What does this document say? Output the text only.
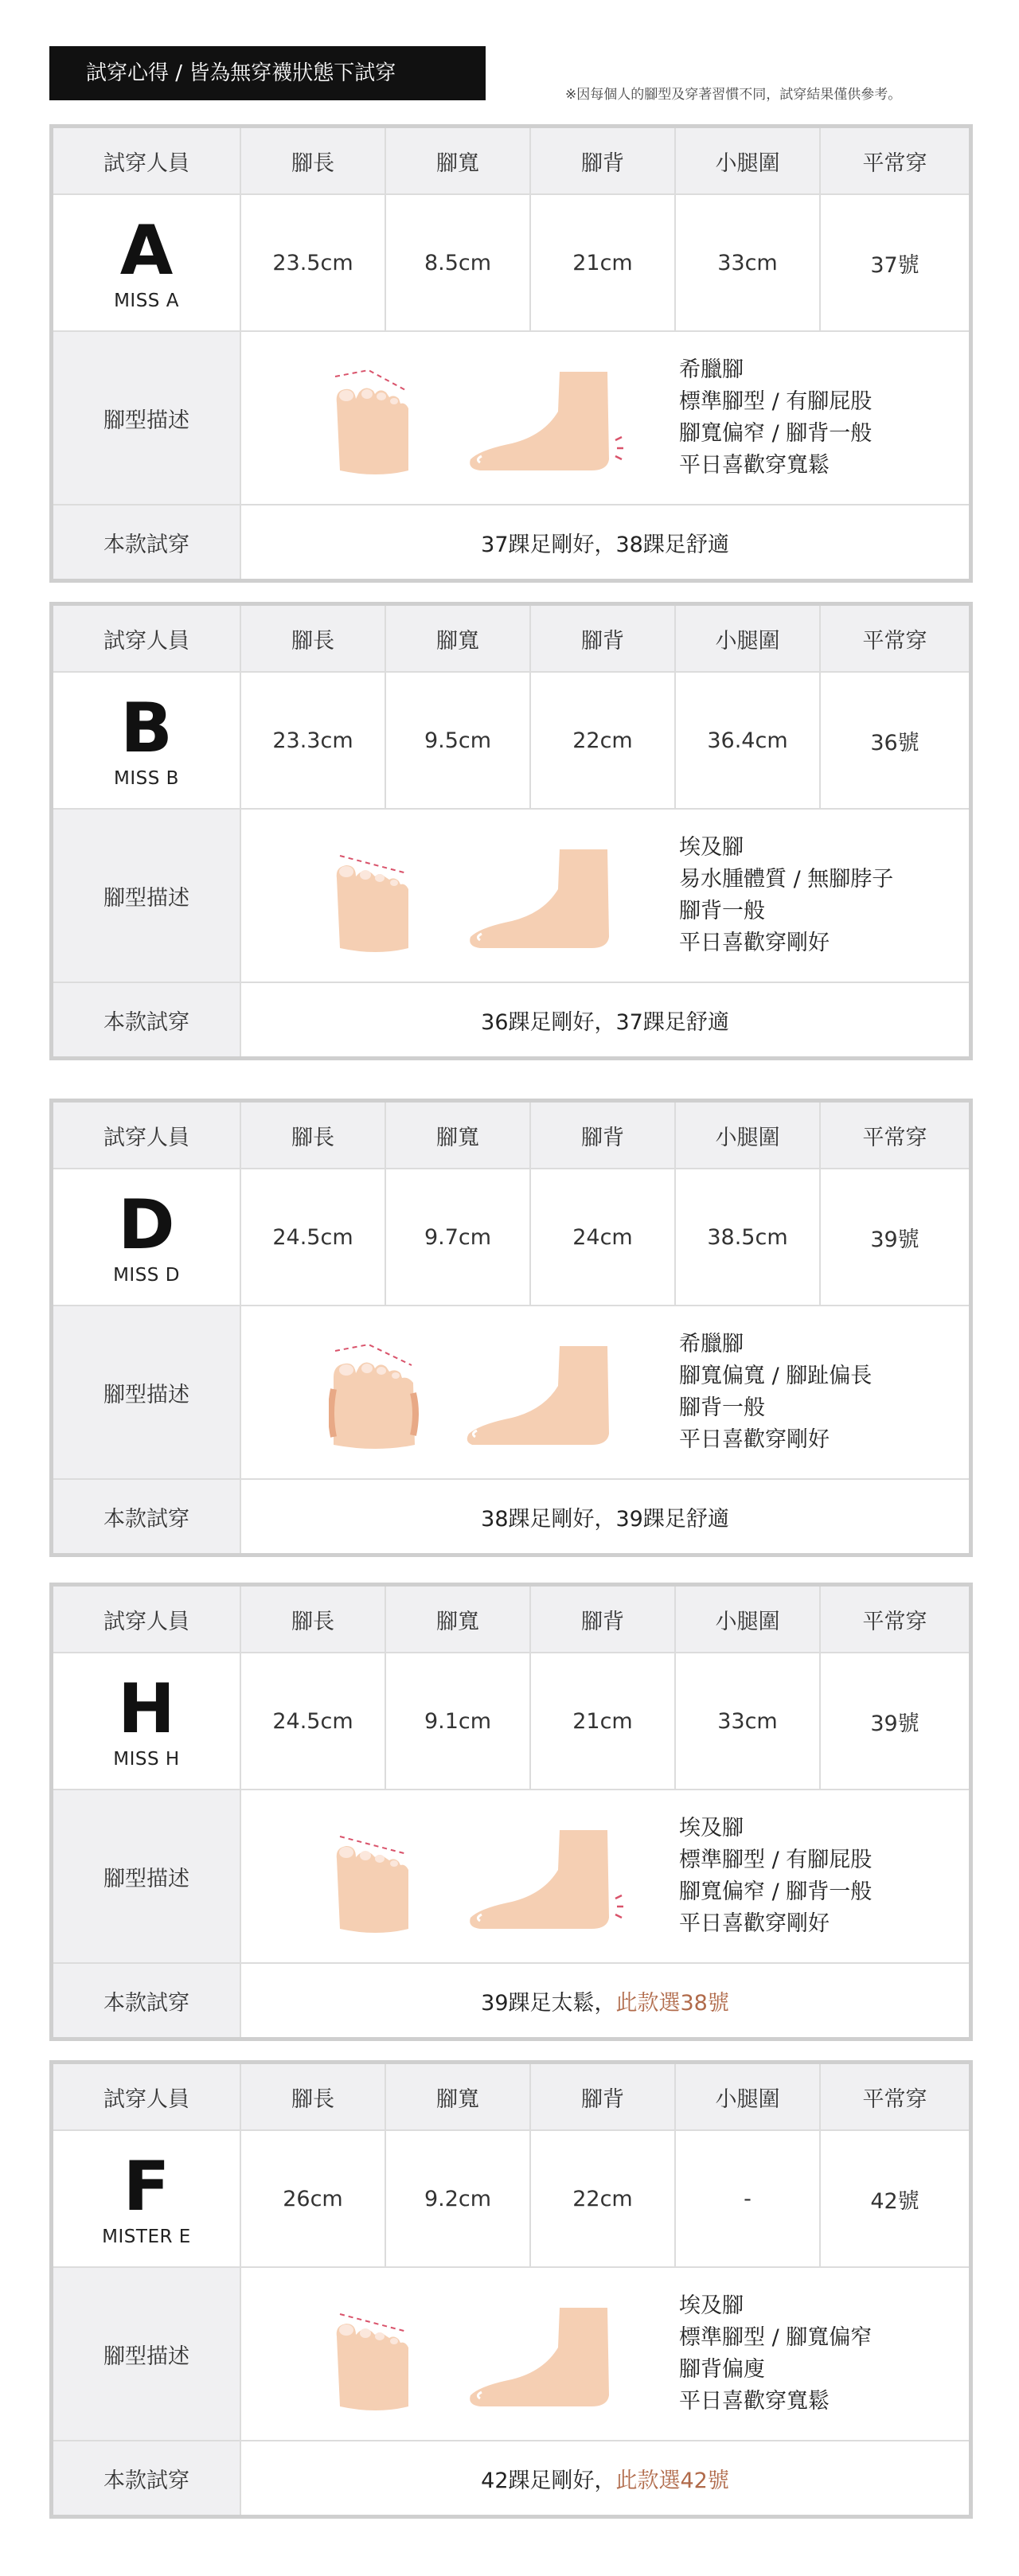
試穿心得 / 皆為無穿襪狀態下試穿
※因每個人的腳型及穿著習慣不同，試穿結果僅供參考。
試穿人員	腳長	腳寬	腳背	小腿圍	平常穿
A
MISS A
23.5cm	8.5cm	21cm	33cm	37號
腳型描述
希臘腳
標準腳型 / 有腳屁股
腳寬偏窄 / 腳背一般
平日喜歡穿寬鬆
本款試穿	37踝足剛好，38踝足舒適
試穿人員	腳長	腳寬	腳背	小腿圍	平常穿
B
MISS B
23.3cm	9.5cm	22cm	36.4cm	36號
腳型描述
埃及腳
易水腫體質 / 無腳脖子
腳背一般
平日喜歡穿剛好
本款試穿	36踝足剛好，37踝足舒適
試穿人員	腳長	腳寬	腳背	小腿圍	平常穿
D
MISS D
24.5cm	9.7cm	24cm	38.5cm	39號
腳型描述
希臘腳
腳寬偏寬 / 腳趾偏長
腳背一般
平日喜歡穿剛好
本款試穿	38踝足剛好，39踝足舒適
試穿人員	腳長	腳寬	腳背	小腿圍	平常穿
H
MISS H
24.5cm	9.1cm	21cm	33cm	39號
腳型描述
埃及腳
標準腳型 / 有腳屁股
腳寬偏窄 / 腳背一般
平日喜歡穿剛好
本款試穿	39踝足太鬆， 此款選38號
試穿人員	腳長	腳寬	腳背	小腿圍	平常穿
F
MISTER E
26cm	9.2cm	22cm	-	42號
腳型描述
埃及腳
標準腳型 / 腳寬偏窄
腳背偏廋
平日喜歡穿寬鬆
本款試穿	42踝足剛好， 此款選42號
